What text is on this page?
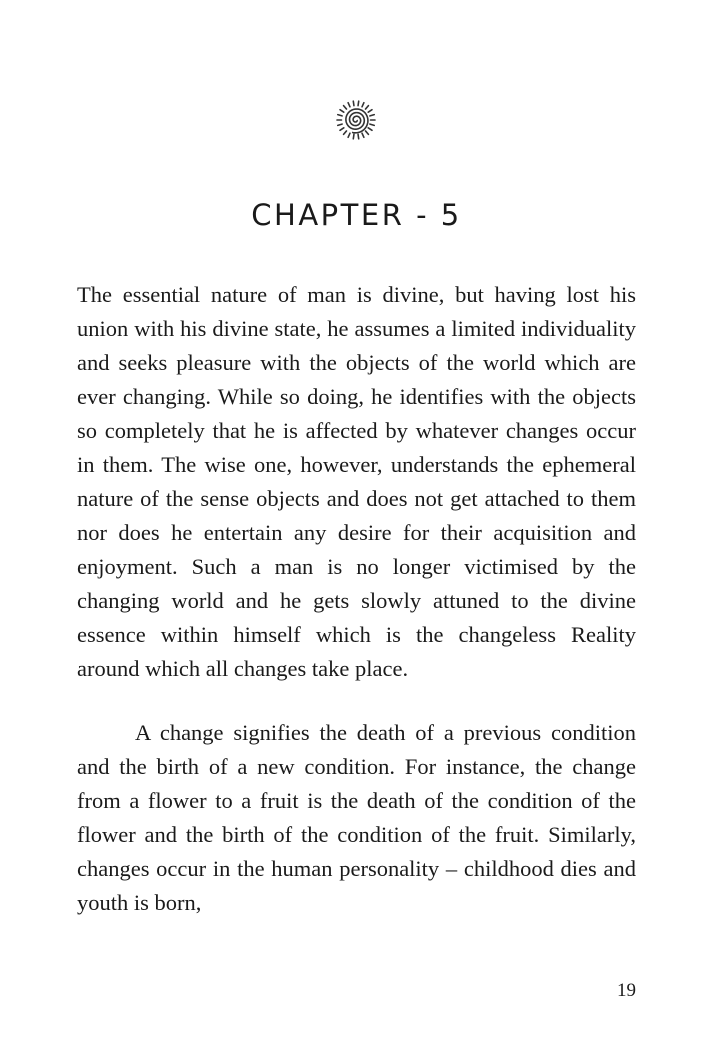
CHAPTER - 5

The essential nature of man is divine, but having lost his union with his divine state, he assumes a limited individuality and seeks pleasure with the objects of the world which are ever changing. While so doing, he identifies with the objects so completely that he is affected by whatever changes occur in them. The wise one, however, understands the ephemeral nature of the sense objects and does not get attached to them nor does he entertain any desire for their acquisition and enjoyment. Such a man is no longer victimised by the changing world and he gets slowly attuned to the divine essence within himself which is the changeless Reality around which all changes take place.

A change signifies the death of a previous condition and the birth of a new condition. For instance, the change from a flower to a fruit is the death of the condition of the flower and the birth of the condition of the fruit. Similarly, changes occur in the human personality – childhood dies and youth is born,

19
